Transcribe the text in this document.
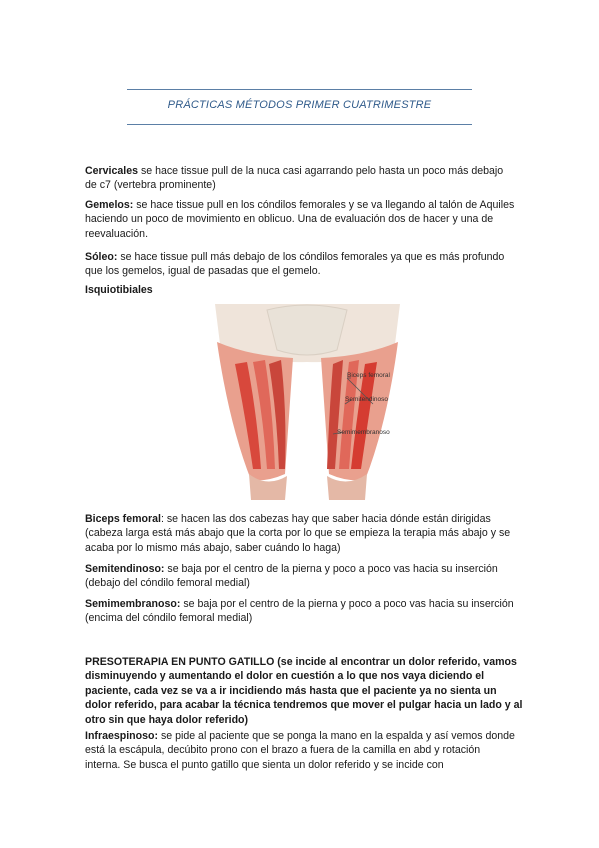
PRÁCTICAS MÉTODOS PRIMER CUATRIMESTRE
Cervicales se hace tissue pull de la nuca casi agarrando pelo hasta un poco más debajo de c7 (vertebra prominente)
Gemelos: se hace tissue pull en los cóndilos femorales y se va llegando al talón de Aquiles haciendo un poco de movimiento en oblicuo. Una de evaluación dos de hacer y una de reevaluación.
Sóleo: se hace tissue pull más debajo de los cóndilos femorales ya que es más profundo que los gemelos, igual de pasadas que el gemelo.
Isquiotibiales
Biceps femoral
Semitendinoso
Semimembranoso
Biceps femoral: se hacen las dos cabezas hay que saber hacia dónde están dirigidas (cabeza larga está más abajo que la corta por lo que se empieza la terapia más abajo y se acaba por lo mismo más abajo, saber cuándo lo haga)
Semitendinoso: se baja por el centro de la pierna y poco a poco vas hacia su inserción (debajo del cóndilo femoral medial)
Semimembranoso: se baja por el centro de la pierna y poco a poco vas hacia su inserción (encima del cóndilo femoral medial)
PRESOTERAPIA EN PUNTO GATILLO (se incide al encontrar un dolor referido, vamos disminuyendo y aumentando el dolor en cuestión a lo que nos vaya diciendo el paciente, cada vez se va a ir incidiendo más hasta que el paciente ya no sienta un dolor referido, para acabar la técnica tendremos que mover el pulgar hacia un lado y al otro sin que haya dolor referido)
Infraespinoso: se pide al paciente que se ponga la mano en la espalda y así vemos donde está la escápula, decúbito prono con el brazo a fuera de la camilla en abd y rotación interna. Se busca el punto gatillo que sienta un dolor referido y se incide con
